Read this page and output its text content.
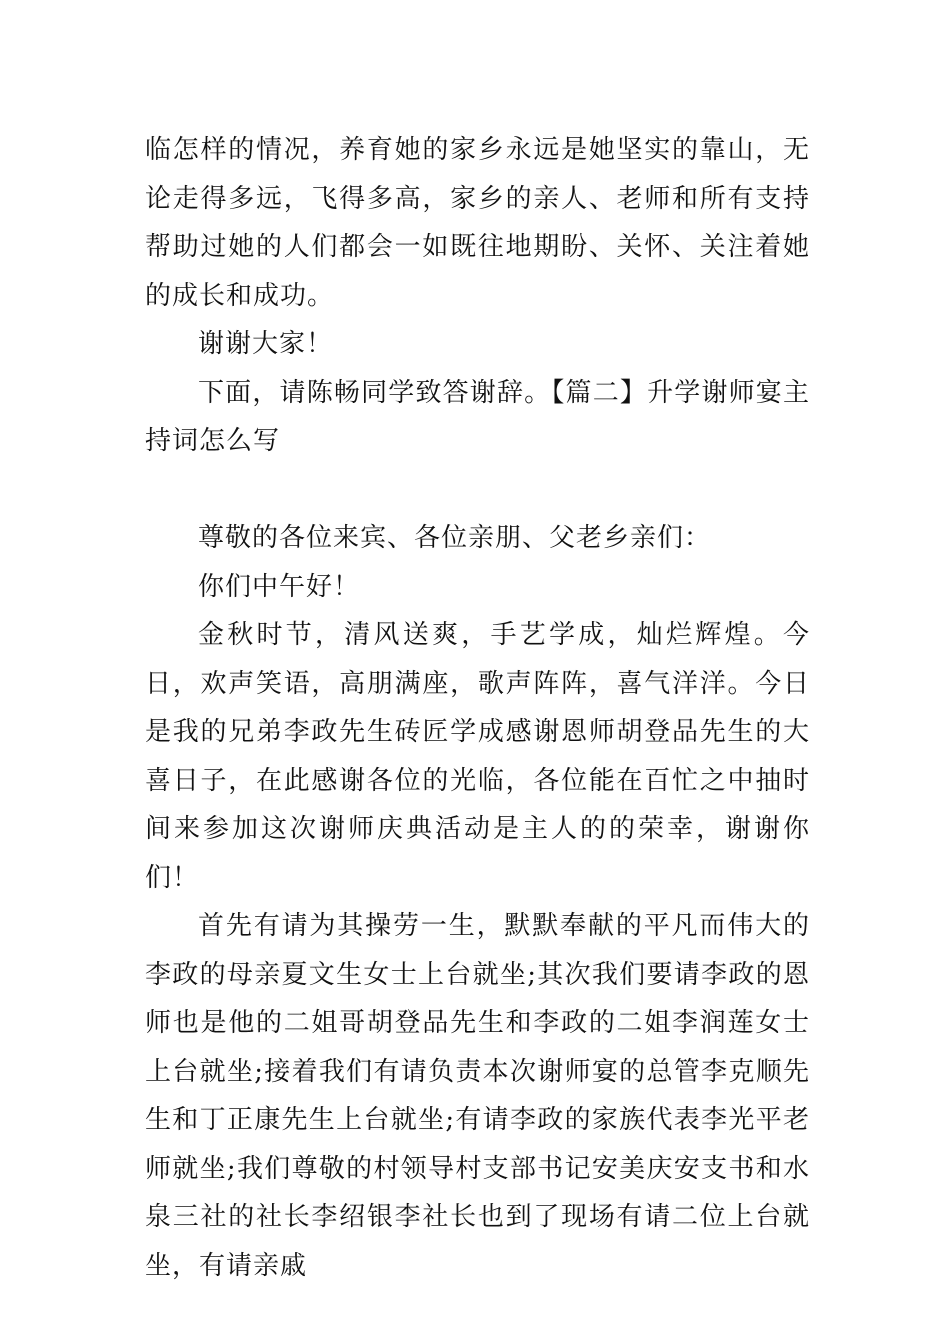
临怎样的情况，养育她的家乡永远是她坚实的靠山，无论走得多远，飞得多高，家乡的亲人、老师和所有支持帮助过她的人们都会一如既往地期盼、关怀、关注着她的成长和成功。

谢谢大家！

下面，请陈畅同学致答谢辞。【篇二】升学谢师宴主持词怎么写

尊敬的各位来宾、各位亲朋、父老乡亲们：

你们中午好！

金秋时节，清风送爽，手艺学成，灿烂辉煌。今日，欢声笑语，高朋满座，歌声阵阵，喜气洋洋。今日是我的兄弟李政先生砖匠学成感谢恩师胡登品先生的大喜日子，在此感谢各位的光临，各位能在百忙之中抽时间来参加这次谢师庆典活动是主人的的荣幸，谢谢你们！

首先有请为其操劳一生，默默奉献的平凡而伟大的李政的母亲夏文生女士上台就坐;其次我们要请李政的恩师也是他的二姐哥胡登品先生和李政的二姐李润莲女士上台就坐;接着我们有请负责本次谢师宴的总管李克顺先生和丁正康先生上台就坐;有请李政的家族代表李光平老师就坐;我们尊敬的村领导村支部书记安美庆安支书和水泉三社的社长李绍银李社长也到了现场有请二位上台就坐，有请亲戚
